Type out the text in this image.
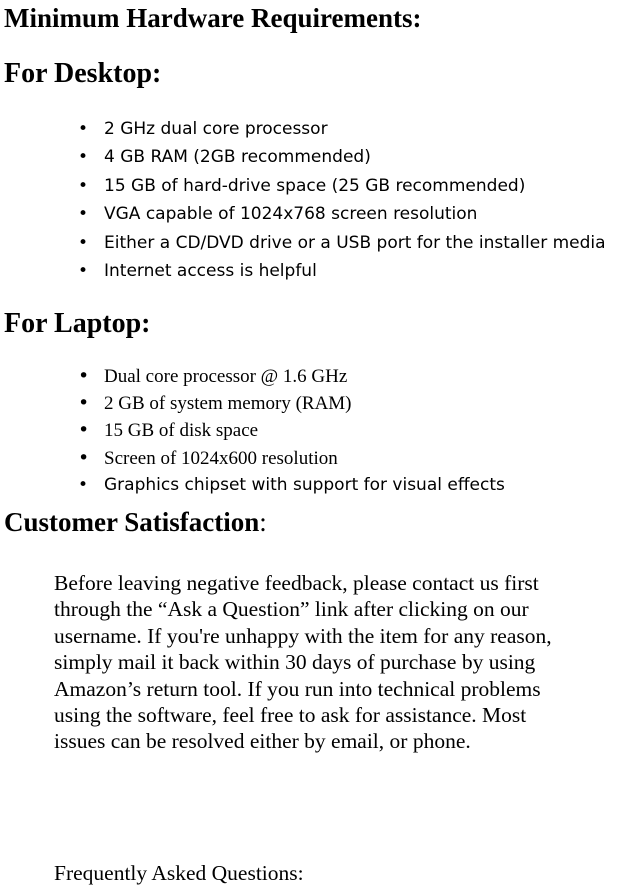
Minimum Hardware Requirements:
For Desktop:
• 2 GHz dual core processor
• 4 GB RAM (2GB recommended)
• 15 GB of hard-drive space (25 GB recommended)
• VGA capable of 1024x768 screen resolution
• Either a CD/DVD drive or a USB port for the installer media
• Internet access is helpful
For Laptop:
• Dual core processor @ 1.6 GHz
• 2 GB of system memory (RAM)
• 15 GB of disk space
• Screen of 1024x600 resolution
• Graphics chipset with support for visual effects
Customer Satisfaction:

Before leaving negative feedback, please contact us first through the “Ask a Question” link after clicking on our username. If you're unhappy with the item for any reason, simply mail it back within 30 days of purchase by using Amazon’s return tool. If you run into technical problems using the software, feel free to ask for assistance. Most issues can be resolved either by email, or phone.

Frequently Asked Questions:
